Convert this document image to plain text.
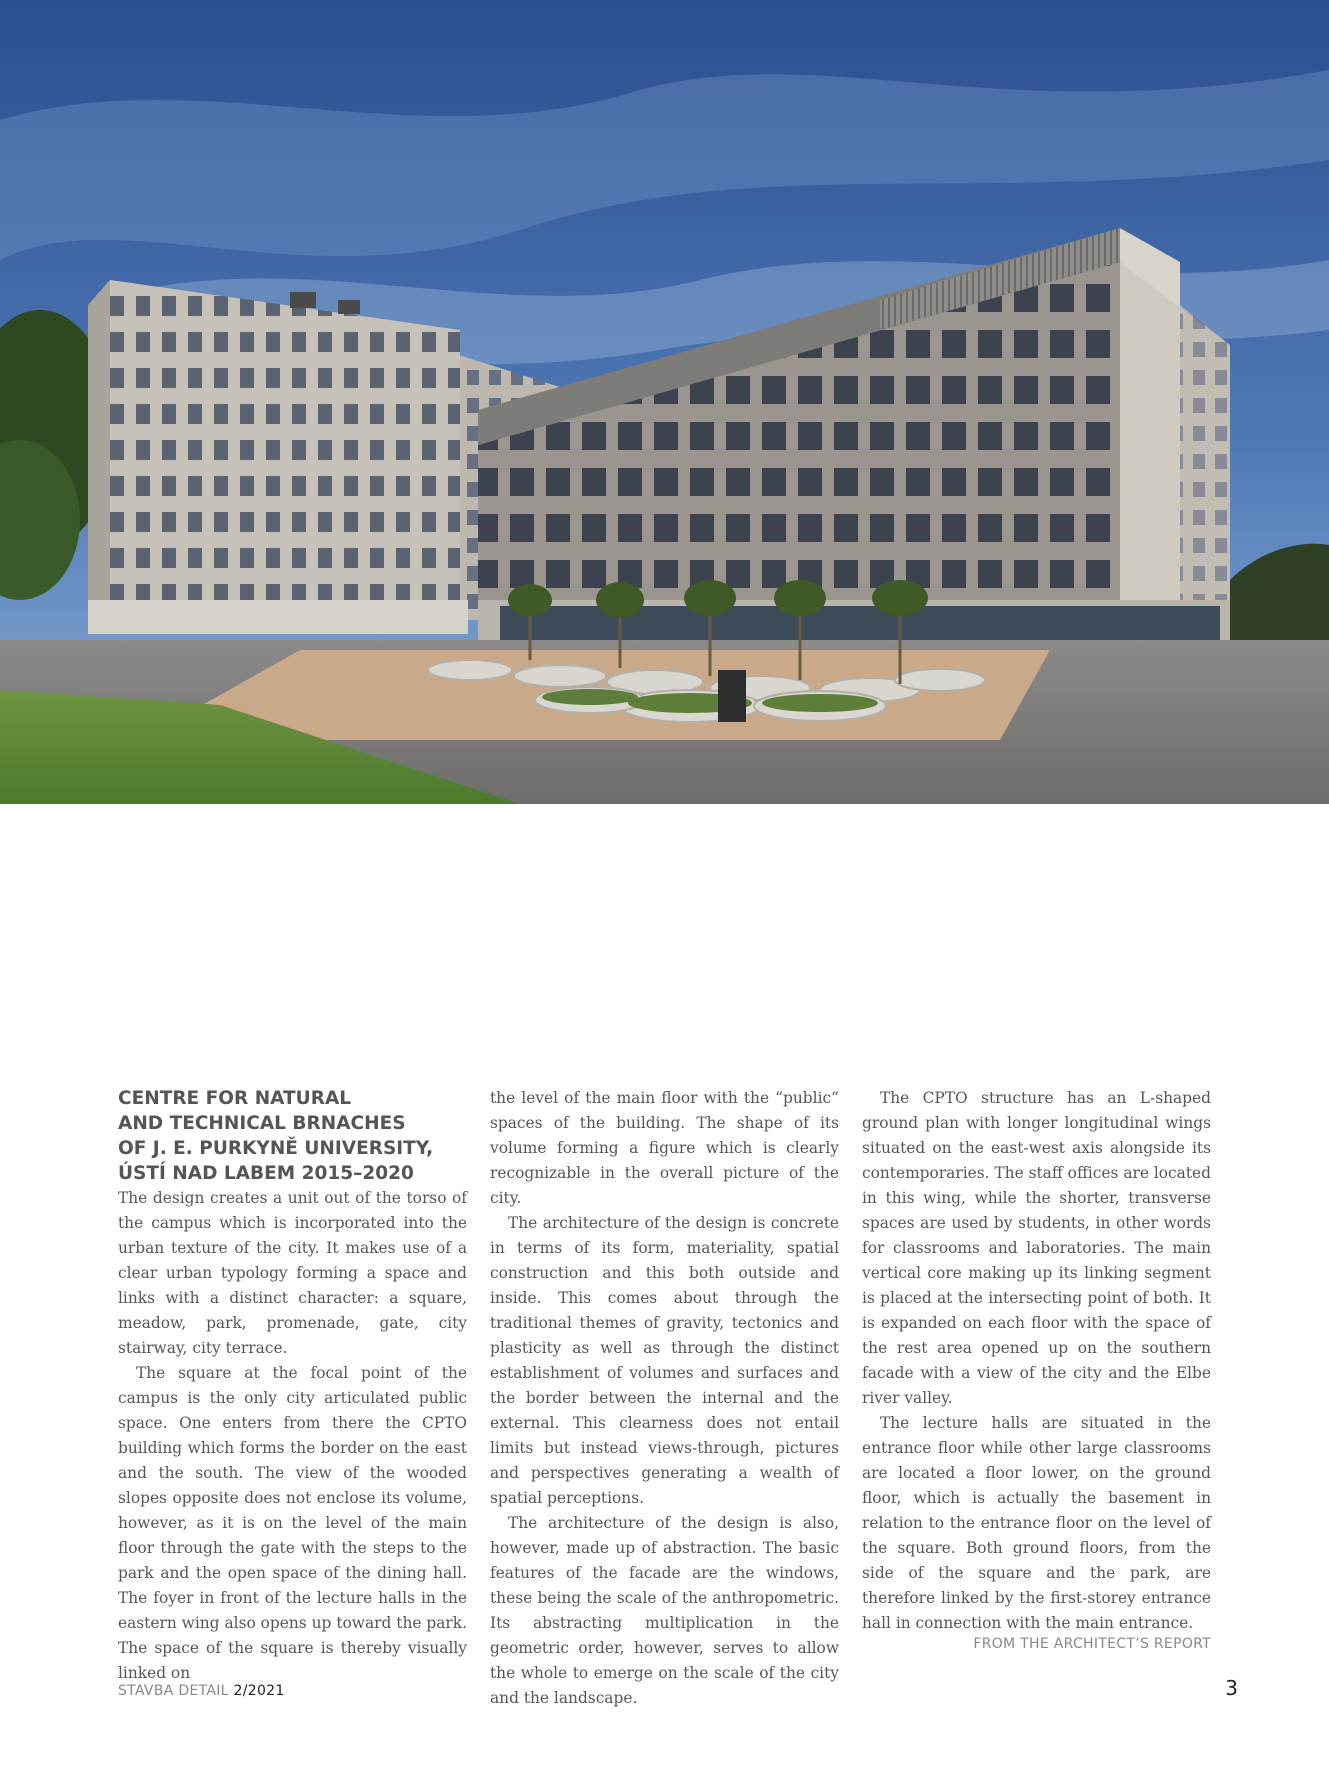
CENTRE FOR NATURAL
AND TECHNICAL BRNACHES
OF J. E. PURKYNĚ UNIVERSITY,
ÚSTÍ NAD LABEM 2015–2020

The design creates a unit out of the torso of the campus which is incorporated into the urban texture of the city. It makes use of a clear urban typology forming a space and links with a distinct character: a square, meadow, park, promenade, gate, city stairway, city terrace.

The square at the focal point of the campus is the only city articulated public space. One enters from there the CPTO building which forms the border on the east and the south. The view of the wooded slopes opposite does not enclose its volume, however, as it is on the level of the main floor through the gate with the steps to the park and the open space of the dining hall. The foyer in front of the lecture halls in the eastern wing also opens up toward the park. The space of the square is thereby visually linked on

the level of the main floor with the “public” spaces of the building. The shape of its volume forming a figure which is clearly recognizable in the overall picture of the city.

The architecture of the design is concrete in terms of its form, materiality, spatial construction and this both outside and inside. This comes about through the traditional themes of gravity, tectonics and plasticity as well as through the distinct establishment of volumes and surfaces and the border between the internal and the external. This clearness does not entail limits but instead views-through, pictures and perspectives generating a wealth of spatial perceptions.

The architecture of the design is also, however, made up of abstraction. The basic features of the facade are the windows, these being the scale of the anthropometric. Its abstracting multiplication in the geometric order, however, serves to allow the whole to emerge on the scale of the city and the landscape.

The CPTO structure has an L-shaped ground plan with longer longitudinal wings situated on the east-west axis alongside its contemporaries. The staff offices are located in this wing, while the shorter, transverse spaces are used by students, in other words for classrooms and laboratories. The main vertical core making up its linking segment is placed at the intersecting point of both. It is expanded on each floor with the space of the rest area opened up on the southern facade with a view of the city and the Elbe river valley.

The lecture halls are situated in the entrance floor while other large classrooms are located a floor lower, on the ground floor, which is actually the basement in relation to the entrance floor on the level of the square. Both ground floors, from the side of the square and the park, are therefore linked by the first-storey entrance hall in connection with the main entrance.

FROM THE ARCHITECT’S REPORT
STAVBA DETAIL 2/2021	3
